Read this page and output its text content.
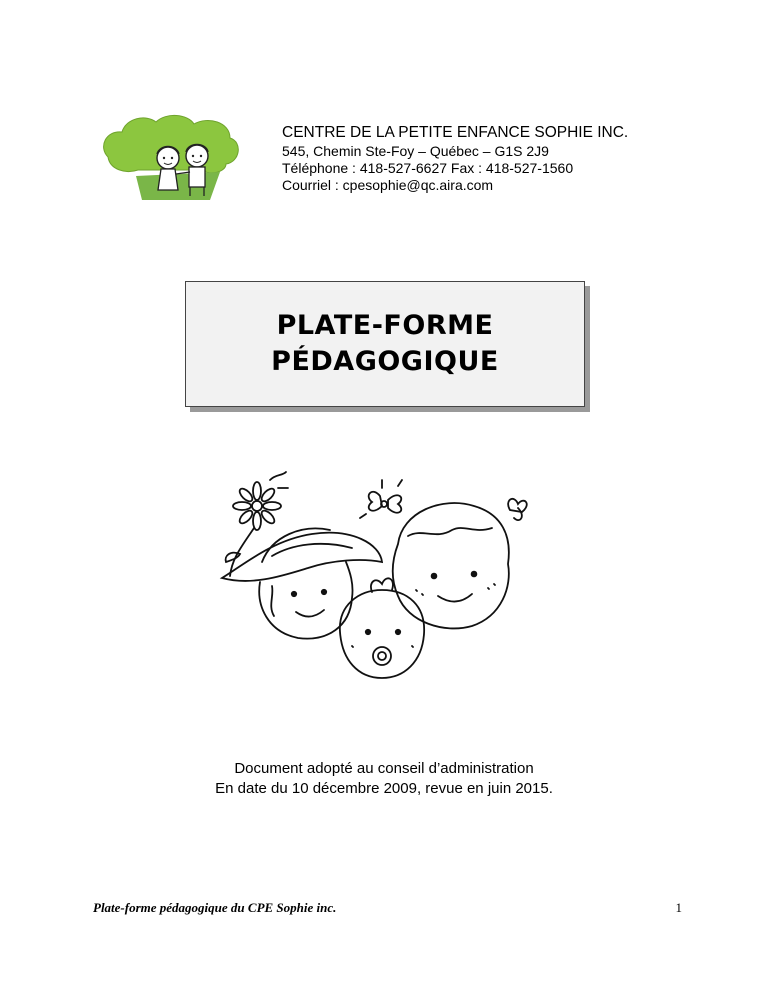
CENTRE DE LA PETITE ENFANCE SOPHIE INC.
545, Chemin Ste-Foy – Québec – G1S 2J9
Téléphone : 418-527-6627 Fax : 418-527-1560
Courriel : cpesophie@qc.aira.com
PLATE-FORME
PÉDAGOGIQUE
Document adopté au conseil d’administration
En date du 10 décembre 2009, revue en juin 2015.
Plate-forme pédagogique du CPE Sophie inc.	1
